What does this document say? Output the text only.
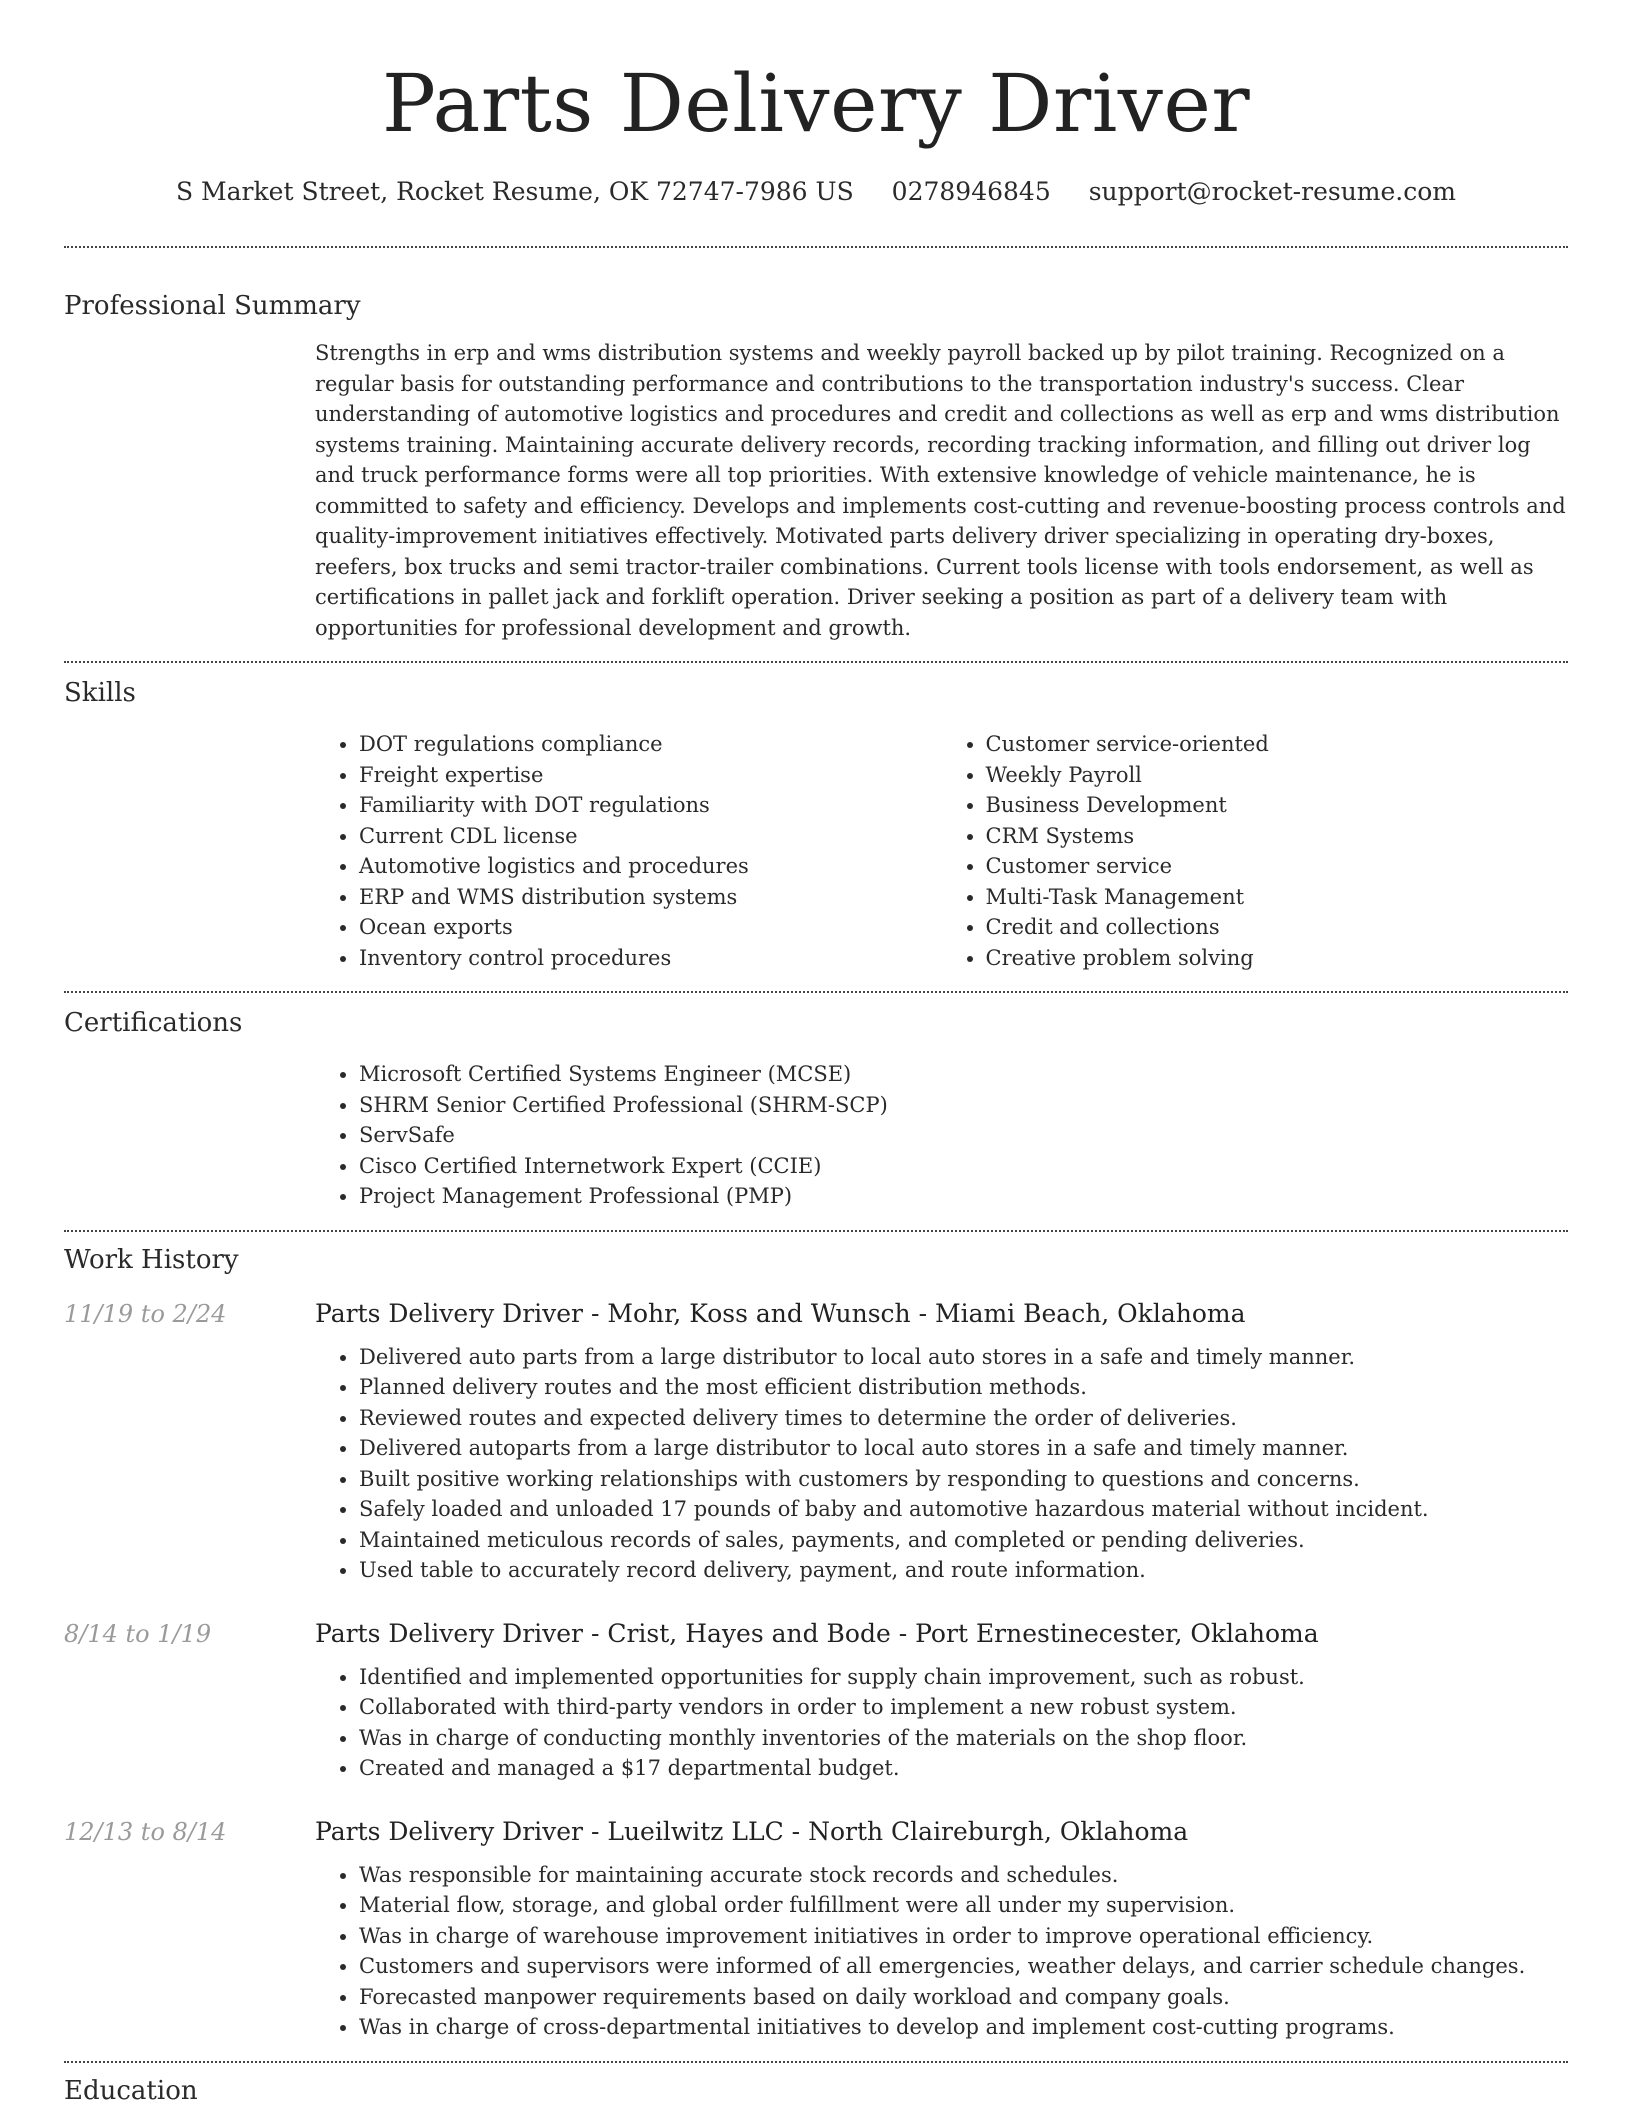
Parts Delivery Driver
S Market Street, Rocket Resume, OK 72747-7986 US 0278946845 support@rocket-resume.com
Professional Summary

Strengths in erp and wms distribution systems and weekly payroll backed up by pilot training. Recognized on a regular basis for outstanding performance and contributions to the transportation industry's success. Clear understanding of automotive logistics and procedures and credit and collections as well as erp and wms distribution systems training. Maintaining accurate delivery records, recording tracking information, and filling out driver log and truck performance forms were all top priorities. With extensive knowledge of vehicle maintenance, he is committed to safety and efficiency. Develops and implements cost-cutting and revenue-boosting process controls and quality-improvement initiatives effectively. Motivated parts delivery driver specializing in operating dry-boxes, reefers, box trucks and semi tractor-trailer combinations. Current tools license with tools endorsement, as well as certifications in pallet jack and forklift operation. Driver seeking a position as part of a delivery team with opportunities for professional development and growth.

Skills
• DOT regulations compliance
• Freight expertise
• Familiarity with DOT regulations
• Current CDL license
• Automotive logistics and procedures
• ERP and WMS distribution systems
• Ocean exports
• Inventory control procedures
• Customer service-oriented
• Weekly Payroll
• Business Development
• CRM Systems
• Customer service
• Multi-Task Management
• Credit and collections
• Creative problem solving
Certifications
• Microsoft Certified Systems Engineer (MCSE)
• SHRM Senior Certified Professional (SHRM-SCP)
• ServSafe
• Cisco Certified Internetwork Expert (CCIE)
• Project Management Professional (PMP)
Work History
11/19 to 2/24	Parts Delivery Driver - Mohr, Koss and Wunsch - Miami Beach, Oklahoma
• Delivered auto parts from a large distributor to local auto stores in a safe and timely manner.
• Planned delivery routes and the most efficient distribution methods.
• Reviewed routes and expected delivery times to determine the order of deliveries.
• Delivered autoparts from a large distributor to local auto stores in a safe and timely manner.
• Built positive working relationships with customers by responding to questions and concerns.
• Safely loaded and unloaded 17 pounds of baby and automotive hazardous material without incident.
• Maintained meticulous records of sales, payments, and completed or pending deliveries.
• Used table to accurately record delivery, payment, and route information.
8/14 to 1/19	Parts Delivery Driver - Crist, Hayes and Bode - Port Ernestinecester, Oklahoma
• Identified and implemented opportunities for supply chain improvement, such as robust.
• Collaborated with third-party vendors in order to implement a new robust system.
• Was in charge of conducting monthly inventories of the materials on the shop floor.
• Created and managed a $17 departmental budget.
12/13 to 8/14	Parts Delivery Driver - Lueilwitz LLC - North Claireburgh, Oklahoma
• Was responsible for maintaining accurate stock records and schedules.
• Material flow, storage, and global order fulfillment were all under my supervision.
• Was in charge of warehouse improvement initiatives in order to improve operational efficiency.
• Customers and supervisors were informed of all emergencies, weather delays, and carrier schedule changes.
• Forecasted manpower requirements based on daily workload and company goals.
• Was in charge of cross-departmental initiatives to develop and implement cost-cutting programs.
Education
